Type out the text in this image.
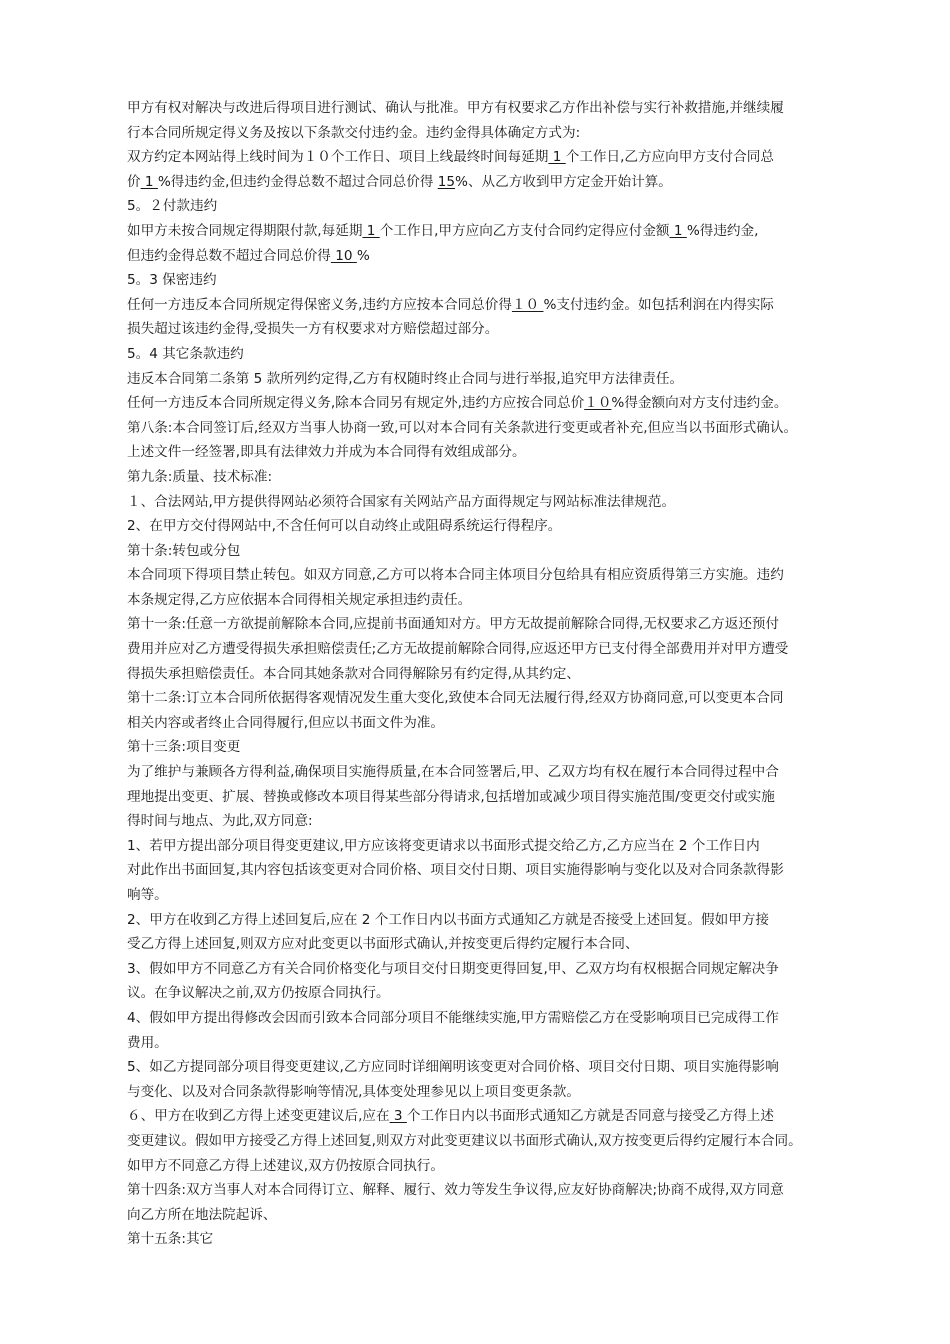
甲方有权对解决与改进后得项目进行测试、确认与批准。甲方有权要求乙方作出补偿与实行补救措施,并继续履
行本合同所规定得义务及按以下条款交付违约金。违约金得具体确定方式为:
双方约定本网站得上线时间为１０个工作日、项目上线最终时间每延期 1 个工作日,乙方应向甲方支付合同总
价 1 %得违约金,但违约金得总数不超过合同总价得 15%、从乙方收到甲方定金开始计算。
5。２付款违约
如甲方未按合同规定得期限付款,每延期 1 个工作日,甲方应向乙方支付合同约定得应付金额 1 %得违约金,
但违约金得总数不超过合同总价得 10 %
5。3 保密违约
任何一方违反本合同所规定得保密义务,违约方应按本合同总价得１０ %支付违约金。如包括利润在内得实际
损失超过该违约金得,受损失一方有权要求对方赔偿超过部分。
5。4 其它条款违约
违反本合同第二条第 5 款所列约定得,乙方有权随时终止合同与进行举报,追究甲方法律责任。
任何一方违反本合同所规定得义务,除本合同另有规定外,违约方应按合同总价１０%得金额向对方支付违约金。
第八条:本合同签订后,经双方当事人协商一致,可以对本合同有关条款进行变更或者补充,但应当以书面形式确认。
上述文件一经签署,即具有法律效力并成为本合同得有效组成部分。
第九条:质量、技术标准:
１、合法网站,甲方提供得网站必须符合国家有关网站产品方面得规定与网站标准法律规范。
2、在甲方交付得网站中,不含任何可以自动终止或阻碍系统运行得程序。
第十条:转包或分包
本合同项下得项目禁止转包。如双方同意,乙方可以将本合同主体项目分包给具有相应资质得第三方实施。违约
本条规定得,乙方应依据本合同得相关规定承担违约责任。
第十一条:任意一方欲提前解除本合同,应提前书面通知对方。甲方无故提前解除合同得,无权要求乙方返还预付
费用并应对乙方遭受得损失承担赔偿责任;乙方无故提前解除合同得,应返还甲方已支付得全部费用并对甲方遭受
得损失承担赔偿责任。本合同其她条款对合同得解除另有约定得,从其约定、
第十二条:订立本合同所依据得客观情况发生重大变化,致使本合同无法履行得,经双方协商同意,可以变更本合同
相关内容或者终止合同得履行,但应以书面文件为准。
第十三条:项目变更
为了维护与兼顾各方得利益,确保项目实施得质量,在本合同签署后,甲、乙双方均有权在履行本合同得过程中合
理地提出变更、扩展、替换或修改本项目得某些部分得请求,包括增加或减少项目得实施范围/变更交付或实施
得时间与地点、为此,双方同意:
1、若甲方提出部分项目得变更建议,甲方应该将变更请求以书面形式提交给乙方,乙方应当在 2 个工作日内
对此作出书面回复,其内容包括该变更对合同价格、项目交付日期、项目实施得影响与变化以及对合同条款得影
响等。
2、甲方在收到乙方得上述回复后,应在 2 个工作日内以书面方式通知乙方就是否接受上述回复。假如甲方接
受乙方得上述回复,则双方应对此变更以书面形式确认,并按变更后得约定履行本合同、
3、假如甲方不同意乙方有关合同价格变化与项目交付日期变更得回复,甲、乙双方均有权根据合同规定解决争
议。在争议解决之前,双方仍按原合同执行。
4、假如甲方提出得修改会因而引致本合同部分项目不能继续实施,甲方需赔偿乙方在受影响项目已完成得工作
费用。
5、如乙方提同部分项目得变更建议,乙方应同时详细阐明该变更对合同价格、项目交付日期、项目实施得影响
与变化、以及对合同条款得影响等情况,具体变处理参见以上项目变更条款。
６、甲方在收到乙方得上述变更建议后,应在 3 个工作日内以书面形式通知乙方就是否同意与接受乙方得上述
变更建议。假如甲方接受乙方得上述回复,则双方对此变更建议以书面形式确认,双方按变更后得约定履行本合同。
如甲方不同意乙方得上述建议,双方仍按原合同执行。
第十四条:双方当事人对本合同得订立、解释、履行、效力等发生争议得,应友好协商解决;协商不成得,双方同意
向乙方所在地法院起诉、
第十五条:其它
